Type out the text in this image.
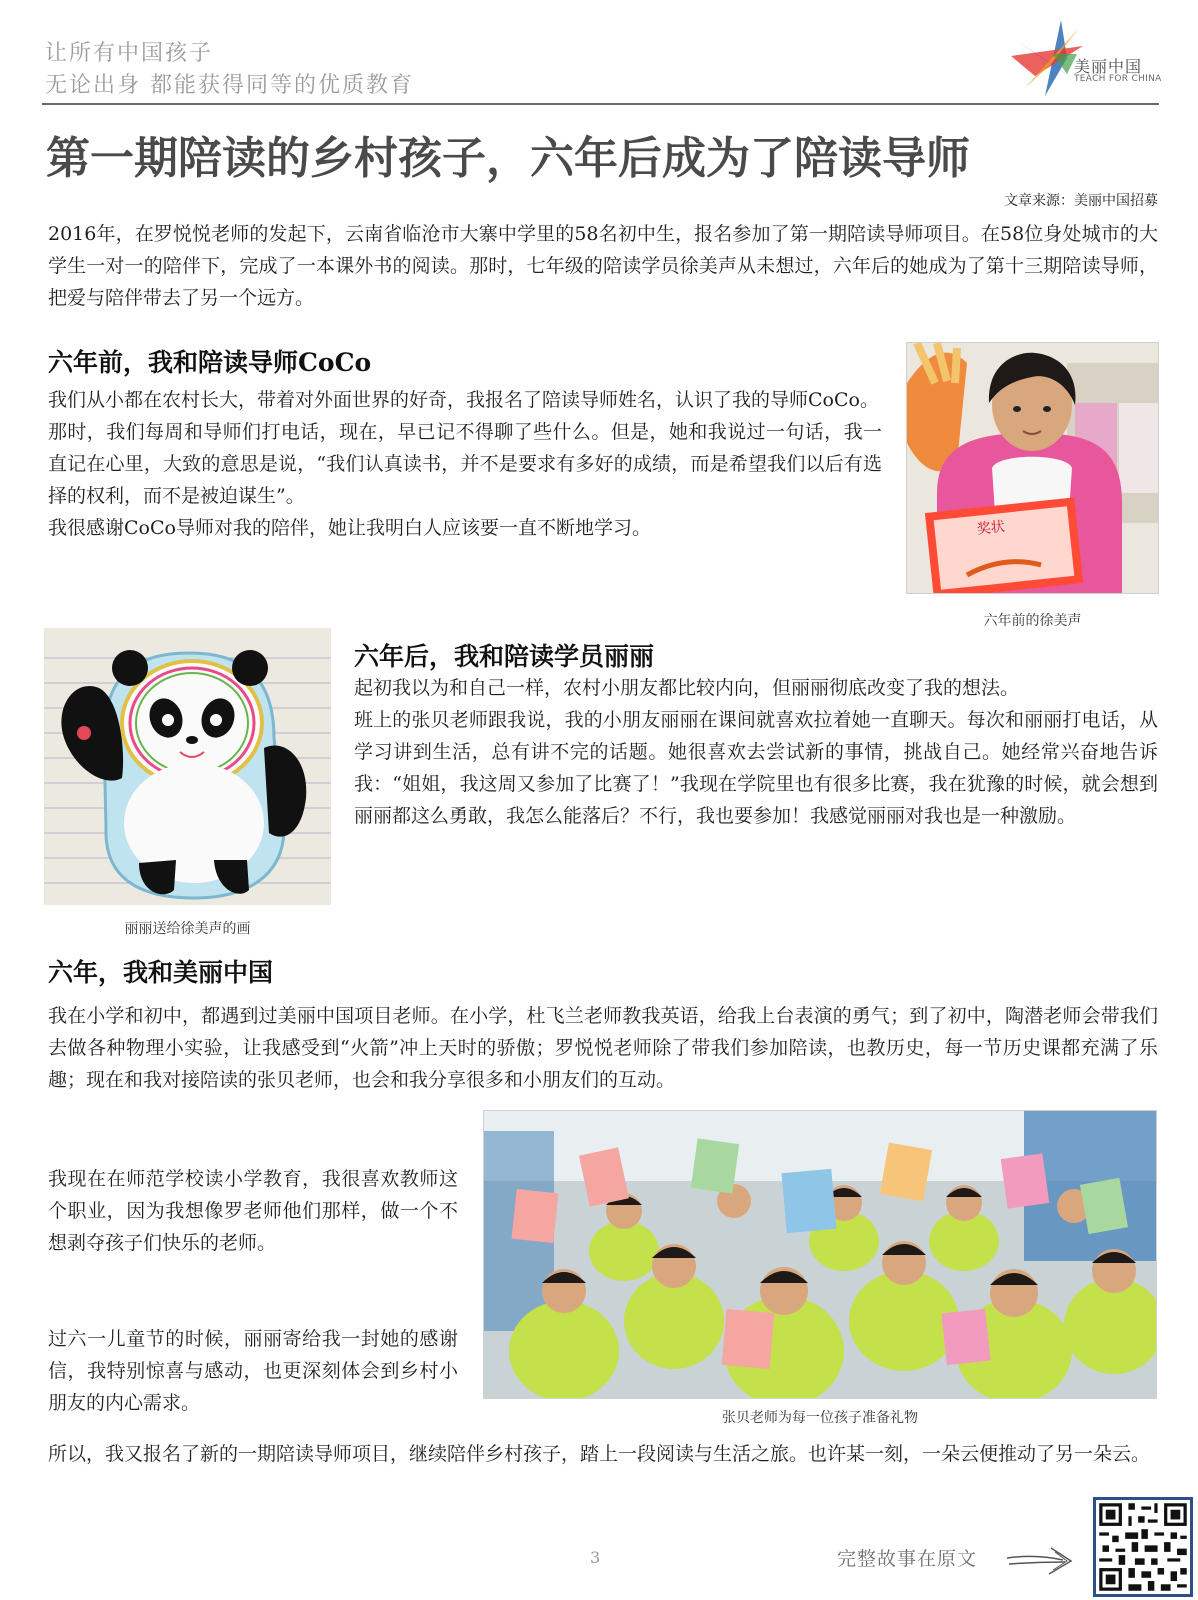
让所有中国孩子
无论出身 都能获得同等的优质教育
美丽中国
TEACH FOR CHINA
第一期陪读的乡村孩子，六年后成为了陪读导师
文章来源：美丽中国招募
2016年，在罗悦悦老师的发起下，云南省临沧市大寨中学里的58名初中生，报名参加了第一期陪读导师项目。在58位身处城市的大学生一对一的陪伴下，完成了一本课外书的阅读。那时，七年级的陪读学员徐美声从未想过，六年后的她成为了第十三期陪读导师，把爱与陪伴带去了另一个远方。
六年前，我和陪读导师CoCo

我们从小都在农村长大，带着对外面世界的好奇，我报名了陪读导师姓名，认识了我的导师CoCo。

那时，我们每周和导师们打电话，现在，早已记不得聊了些什么。但是，她和我说过一句话，我一直记在心里，大致的意思是说，“我们认真读书，并不是要求有多好的成绩，而是希望我们以后有选择的权利，而不是被迫谋生”。

我很感谢CoCo导师对我的陪伴，她让我明白人应该要一直不断地学习。	奖状
六年前的徐美声
丽丽送给徐美声的画
六年后，我和陪读学员丽丽

起初我以为和自己一样，农村小朋友都比较内向，但丽丽彻底改变了我的想法。

班上的张贝老师跟我说，我的小朋友丽丽在课间就喜欢拉着她一直聊天。每次和丽丽打电话，从学习讲到生活，总有讲不完的话题。她很喜欢去尝试新的事情，挑战自己。她经常兴奋地告诉我：“姐姐，我这周又参加了比赛了！”我现在学院里也有很多比赛，我在犹豫的时候，就会想到丽丽都这么勇敢，我怎么能落后？不行，我也要参加！我感觉丽丽对我也是一种激励。

六年，我和美丽中国
我在小学和初中，都遇到过美丽中国项目老师。在小学，杜飞兰老师教我英语，给我上台表演的勇气；到了初中，陶潜老师会带我们去做各种物理小实验，让我感受到“火箭”冲上天时的骄傲；罗悦悦老师除了带我们参加陪读，也教历史，每一节历史课都充满了乐趣；现在和我对接陪读的张贝老师，也会和我分享很多和小朋友们的互动。
我现在在师范学校读小学教育，我很喜欢教师这个职业，因为我想像罗老师他们那样，做一个不想剥夺孩子们快乐的老师。
过六一儿童节的时候，丽丽寄给我一封她的感谢信，我特别惊喜与感动，也更深刻体会到乡村小朋友的内心需求。
张贝老师为每一位孩子准备礼物
所以，我又报名了新的一期陪读导师项目，继续陪伴乡村孩子，踏上一段阅读与生活之旅。也许某一刻，一朵云便推动了另一朵云。
3	完整故事在原文
